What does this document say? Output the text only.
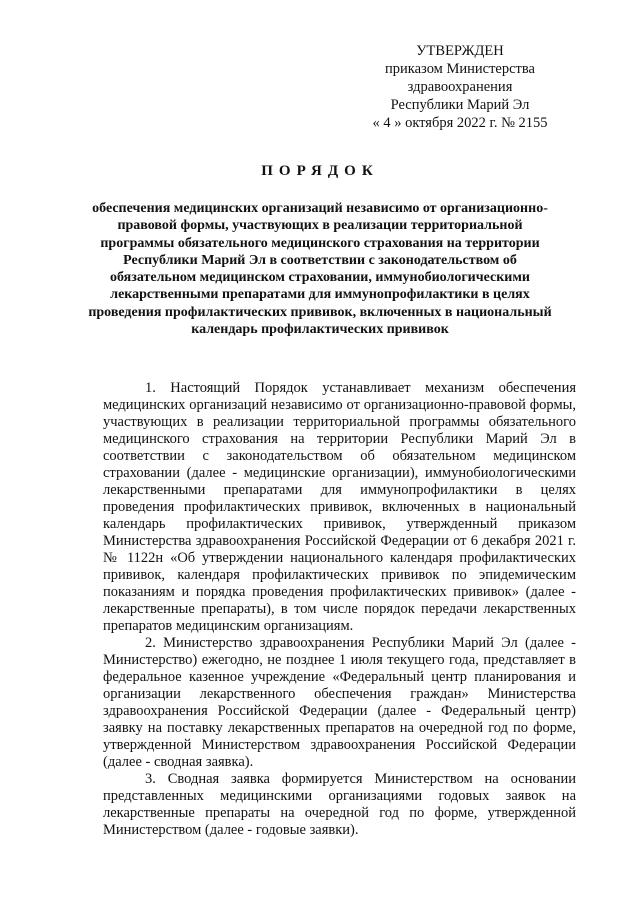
УТВЕРЖДЕН
приказом Министерства
здравоохранения
Республики Марий Эл
« 4 » октября 2022 г. № 2155
ПОРЯДОК
обеспечения медицинских организаций независимо от организационно-правовой формы, участвующих в реализации территориальной программы обязательного медицинского страхования на территории Республики Марий Эл в соответствии с законодательством об обязательном медицинском страховании, иммунобиологическими лекарственными препаратами для иммунопрофилактики в целях проведения профилактических прививок, включенных в национальный календарь профилактических прививок

1. Настоящий Порядок устанавливает механизм обеспечения медицинских организаций независимо от организационно-правовой формы, участвующих в реализации территориальной программы обязательного медицинского страхования на территории Республики Марий Эл в соответствии с законодательством об обязательном медицинском страховании (далее - медицинские организации), иммунобиологическими лекарственными препаратами для иммунопрофилактики в целях проведения профилактических прививок, включенных в национальный календарь профилактических прививок, утвержденный приказом Министерства здравоохранения Российской Федерации от 6 декабря 2021 г. № 1122н «Об утверждении национального календаря профилактических прививок, календаря профилактических прививок по эпидемическим показаниям и порядка проведения профилактических прививок» (далее - лекарственные препараты), в том числе порядок передачи лекарственных препаратов медицинским организациям.

2. Министерство здравоохранения Республики Марий Эл (далее - Министерство) ежегодно, не позднее 1 июля текущего года, представляет в федеральное казенное учреждение «Федеральный центр планирования и организации лекарственного обеспечения граждан» Министерства здравоохранения Российской Федерации (далее - Федеральный центр) заявку на поставку лекарственных препаратов на очередной год по форме, утвержденной Министерством здравоохранения Российской Федерации (далее - сводная заявка).

3. Сводная заявка формируется Министерством на основании представленных медицинскими организациями годовых заявок на лекарственные препараты на очередной год по форме, утвержденной Министерством (далее - годовые заявки).
